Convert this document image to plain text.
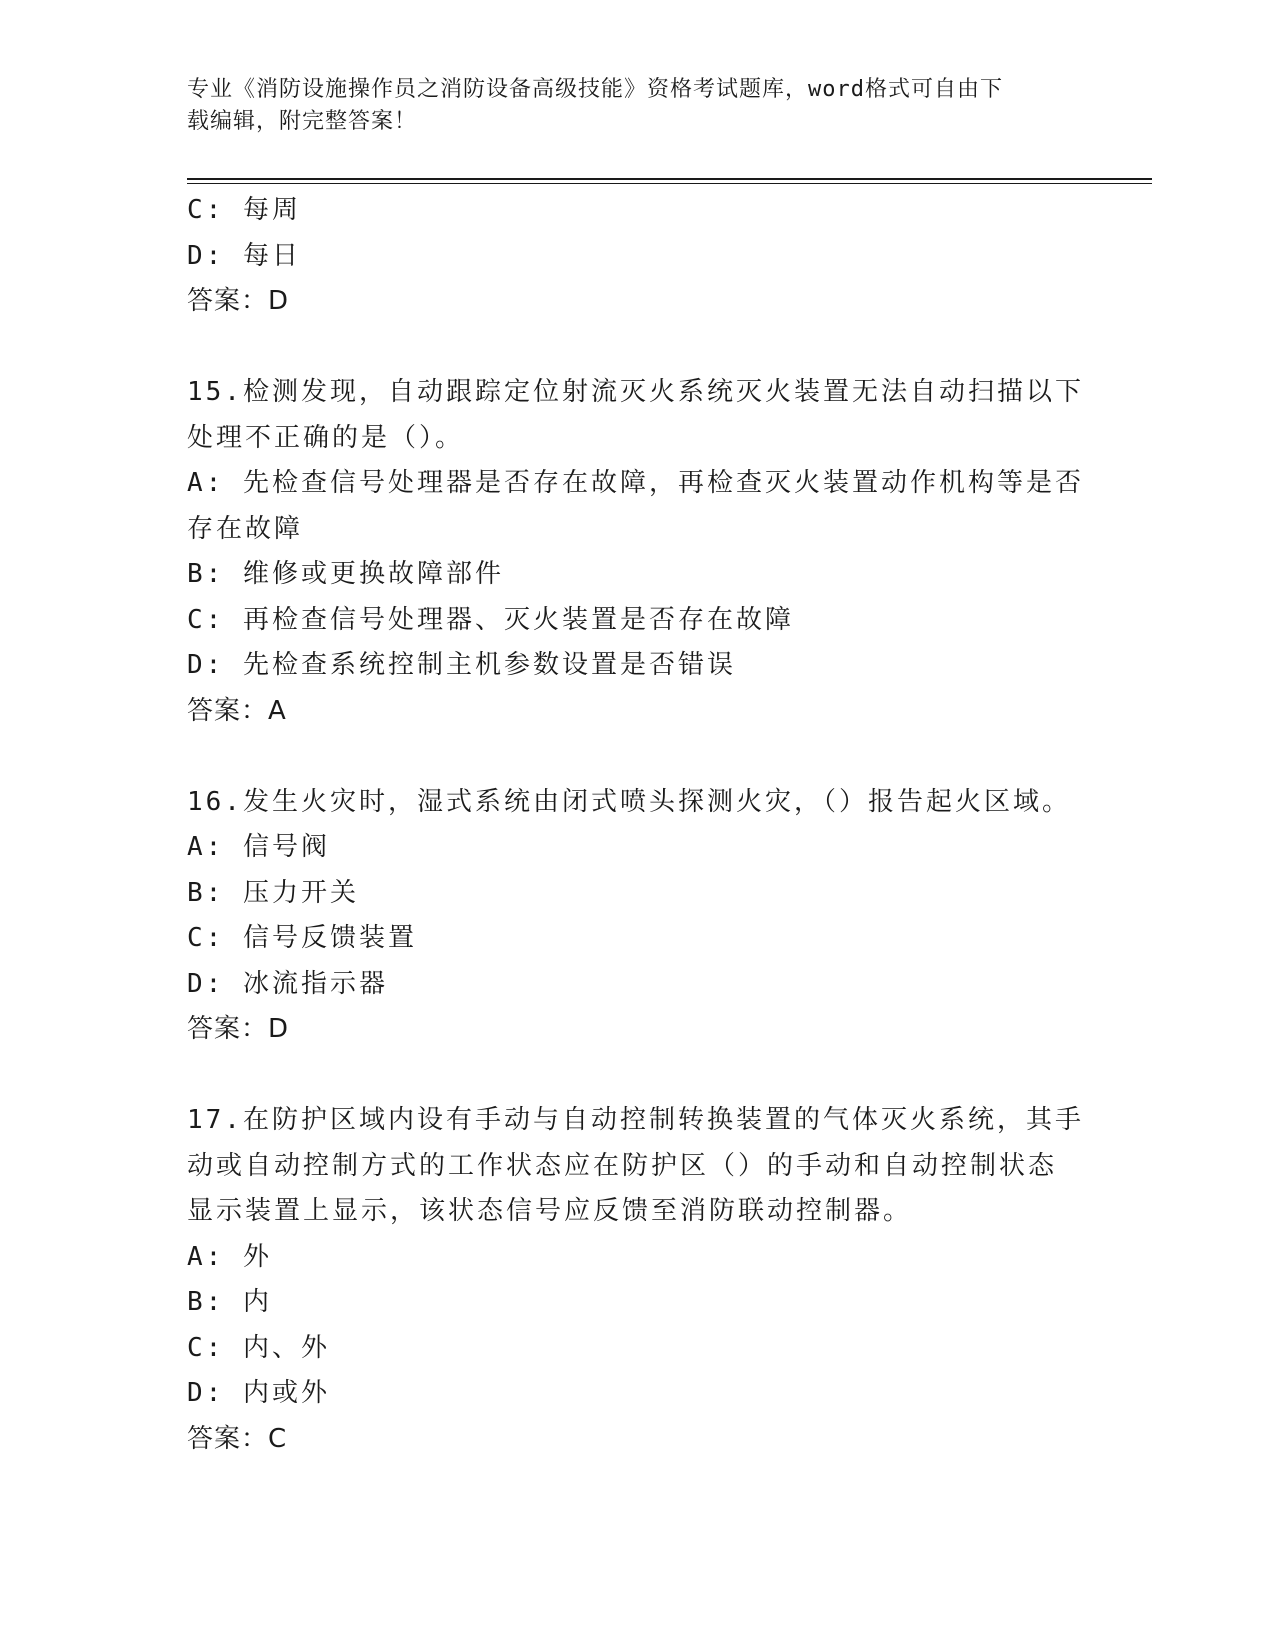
专业《消防设施操作员之消防设备高级技能》资格考试题库，word格式可自由下
载编辑，附完整答案！

C: 每周

D: 每日

答案：D

15.检测发现，自动跟踪定位射流灭火系统灭火装置无法自动扫描以下

处理不正确的是（）。

A: 先检查信号处理器是否存在故障，再检查灭火装置动作机构等是否

存在故障

B: 维修或更换故障部件

C: 再检查信号处理器、灭火装置是否存在故障

D: 先检查系统控制主机参数设置是否错误

答案：A

16.发生火灾时，湿式系统由闭式喷头探测火灾，（）报告起火区域。

A: 信号阀

B: 压力开关

C: 信号反馈装置

D: 冰流指示器

答案：D

17.在防护区域内设有手动与自动控制转换装置的气体灭火系统，其手

动或自动控制方式的工作状态应在防护区（）的手动和自动控制状态

显示装置上显示，该状态信号应反馈至消防联动控制器。

A: 外

B: 内

C: 内、外

D: 内或外

答案：C
